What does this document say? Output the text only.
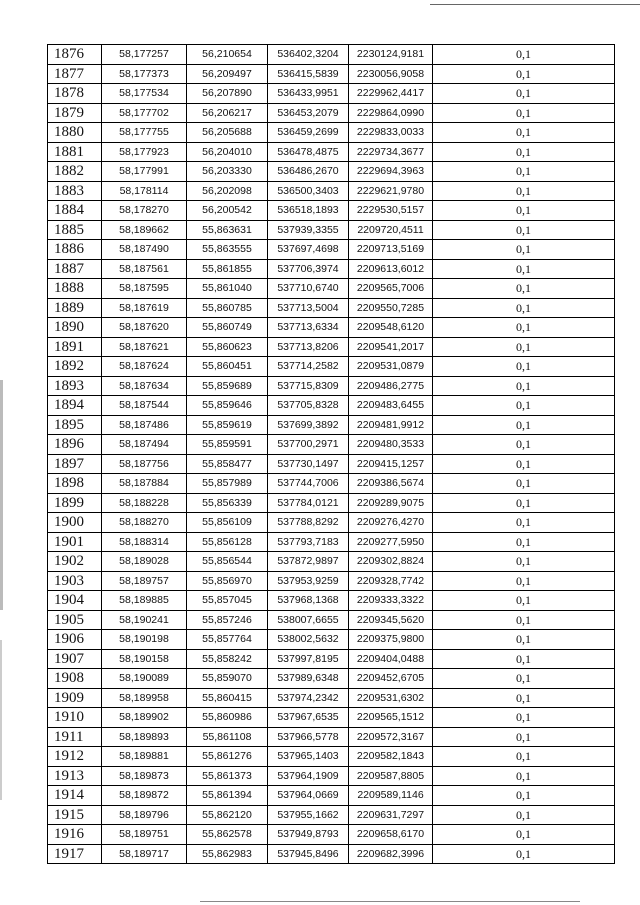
1876	58,177257	56,210654	536402,3204	2230124,9181	0,1
1877	58,177373	56,209497	536415,5839	2230056,9058	0,1
1878	58,177534	56,207890	536433,9951	2229962,4417	0,1
1879	58,177702	56,206217	536453,2079	2229864,0990	0,1
1880	58,177755	56,205688	536459,2699	2229833,0033	0,1
1881	58,177923	56,204010	536478,4875	2229734,3677	0,1
1882	58,177991	56,203330	536486,2670	2229694,3963	0,1
1883	58,178114	56,202098	536500,3403	2229621,9780	0,1
1884	58,178270	56,200542	536518,1893	2229530,5157	0,1
1885	58,189662	55,863631	537939,3355	2209720,4511	0,1
1886	58,187490	55,863555	537697,4698	2209713,5169	0,1
1887	58,187561	55,861855	537706,3974	2209613,6012	0,1
1888	58,187595	55,861040	537710,6740	2209565,7006	0,1
1889	58,187619	55,860785	537713,5004	2209550,7285	0,1
1890	58,187620	55,860749	537713,6334	2209548,6120	0,1
1891	58,187621	55,860623	537713,8206	2209541,2017	0,1
1892	58,187624	55,860451	537714,2582	2209531,0879	0,1
1893	58,187634	55,859689	537715,8309	2209486,2775	0,1
1894	58,187544	55,859646	537705,8328	2209483,6455	0,1
1895	58,187486	55,859619	537699,3892	2209481,9912	0,1
1896	58,187494	55,859591	537700,2971	2209480,3533	0,1
1897	58,187756	55,858477	537730,1497	2209415,1257	0,1
1898	58,187884	55,857989	537744,7006	2209386,5674	0,1
1899	58,188228	55,856339	537784,0121	2209289,9075	0,1
1900	58,188270	55,856109	537788,8292	2209276,4270	0,1
1901	58,188314	55,856128	537793,7183	2209277,5950	0,1
1902	58,189028	55,856544	537872,9897	2209302,8824	0,1
1903	58,189757	55,856970	537953,9259	2209328,7742	0,1
1904	58,189885	55,857045	537968,1368	2209333,3322	0,1
1905	58,190241	55,857246	538007,6655	2209345,5620	0,1
1906	58,190198	55,857764	538002,5632	2209375,9800	0,1
1907	58,190158	55,858242	537997,8195	2209404,0488	0,1
1908	58,190089	55,859070	537989,6348	2209452,6705	0,1
1909	58,189958	55,860415	537974,2342	2209531,6302	0,1
1910	58,189902	55,860986	537967,6535	2209565,1512	0,1
1911	58,189893	55,861108	537966,5778	2209572,3167	0,1
1912	58,189881	55,861276	537965,1403	2209582,1843	0,1
1913	58,189873	55,861373	537964,1909	2209587,8805	0,1
1914	58,189872	55,861394	537964,0669	2209589,1146	0,1
1915	58,189796	55,862120	537955,1662	2209631,7297	0,1
1916	58,189751	55,862578	537949,8793	2209658,6170	0,1
1917	58,189717	55,862983	537945,8496	2209682,3996	0,1
